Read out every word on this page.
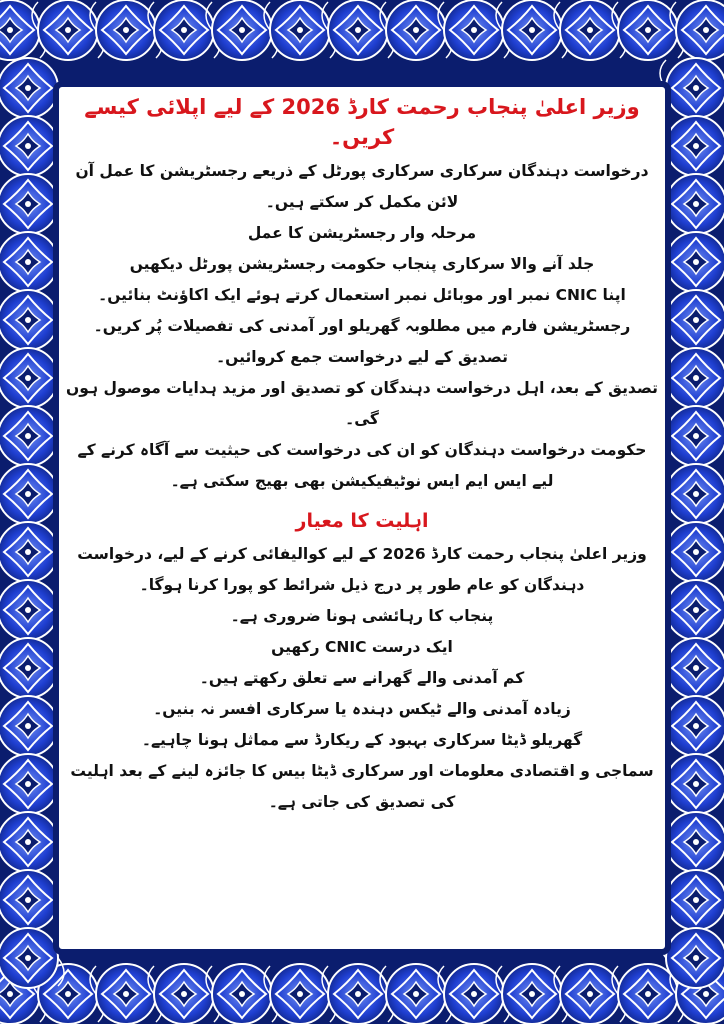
وزیر اعلیٰ پنجاب رحمت کارڈ 2026 کے لیے اپلائی کیسے کریں۔

درخواست دہندگان سرکاری سرکاری پورٹل کے ذریعے رجسٹریشن کا عمل آن لائن مکمل کر سکتے ہیں۔

مرحلہ وار رجسٹریشن کا عمل

جلد آنے والا سرکاری پنجاب حکومت رجسٹریشن پورٹل دیکھیں

اپنا CNIC نمبر اور موبائل نمبر استعمال کرتے ہوئے ایک اکاؤنٹ بنائیں۔

رجسٹریشن فارم میں مطلوبہ گھریلو اور آمدنی کی تفصیلات پُر کریں۔

تصدیق کے لیے درخواست جمع کروائیں۔

تصدیق کے بعد، اہل درخواست دہندگان کو تصدیق اور مزید ہدایات موصول ہوں گی۔

حکومت درخواست دہندگان کو ان کی درخواست کی حیثیت سے آگاہ کرنے کے لیے ایس ایم ایس نوٹیفیکیشن بھی بھیج سکتی ہے۔

اہلیت کا معیار

وزیر اعلیٰ پنجاب رحمت کارڈ 2026 کے لیے کوالیفائی کرنے کے لیے، درخواست دہندگان کو عام طور پر درج ذیل شرائط کو پورا کرنا ہوگا۔

پنجاب کا رہائشی ہونا ضروری ہے۔

ایک درست CNIC رکھیں

کم آمدنی والے گھرانے سے تعلق رکھتے ہیں۔

زیادہ آمدنی والے ٹیکس دہندہ یا سرکاری افسر نہ بنیں۔

گھریلو ڈیٹا سرکاری بہبود کے ریکارڈ سے مماثل ہونا چاہیے۔

سماجی و اقتصادی معلومات اور سرکاری ڈیٹا بیس کا جائزہ لینے کے بعد اہلیت کی تصدیق کی جاتی ہے۔
